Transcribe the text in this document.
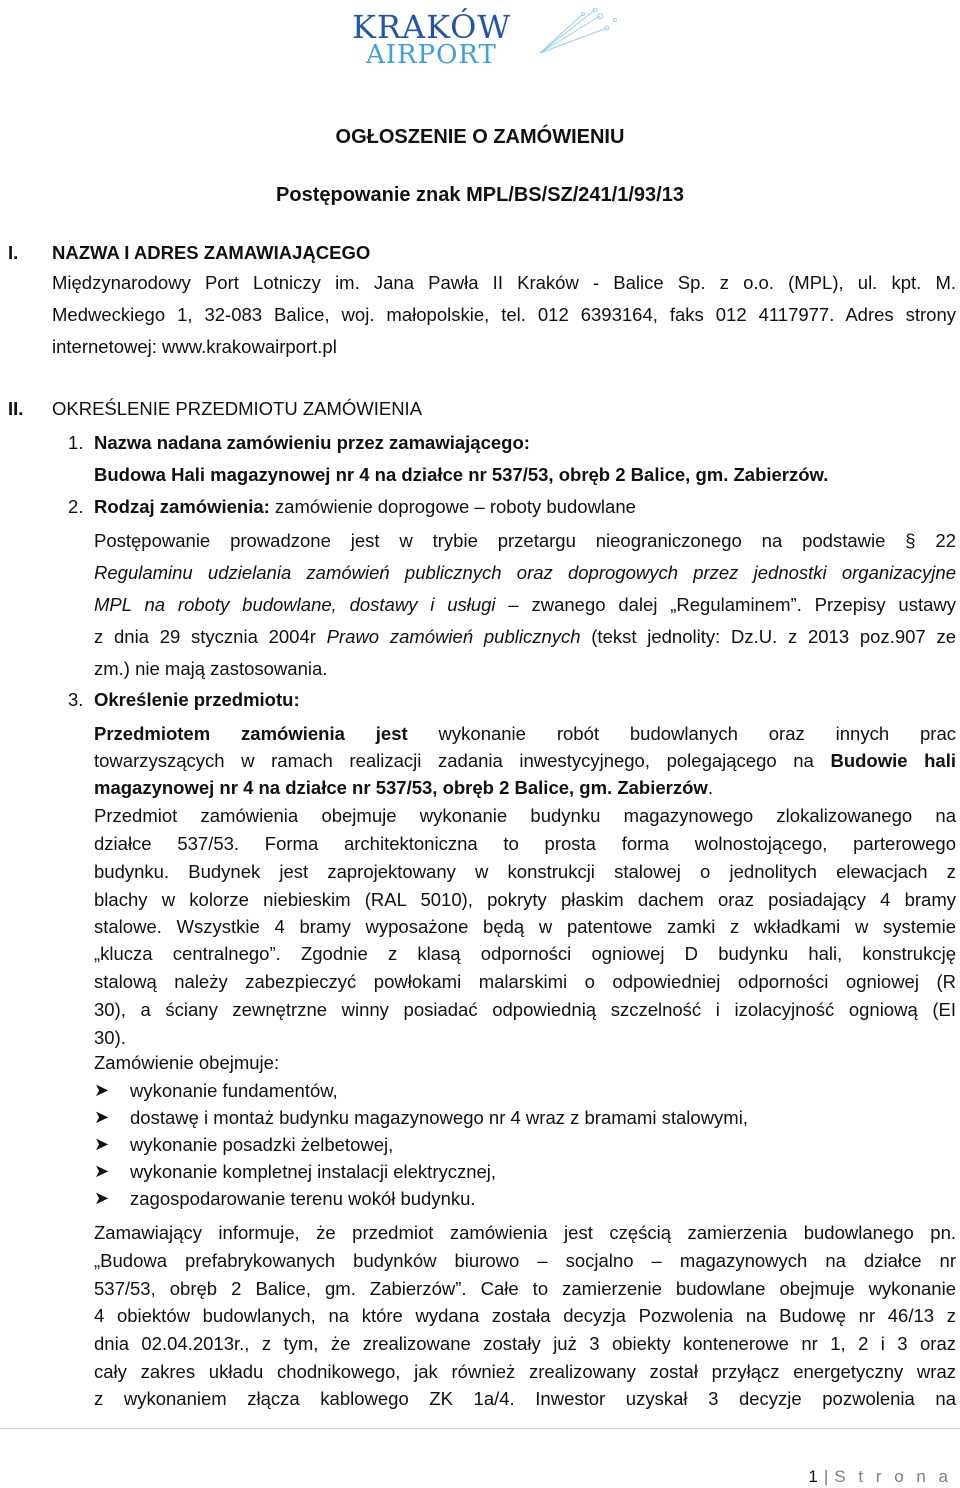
KRAKÓW
AIRPORT
OGŁOSZENIE O ZAMÓWIENIU
Postępowanie znak MPL/BS/SZ/241/1/93/13
I. NAZWA I ADRES ZAMAWIAJĄCEGO
Międzynarodowy Port Lotniczy im. Jana Pawła II Kraków - Balice Sp. z o.o. (MPL), ul. kpt. M.
Medweckiego 1, 32-083 Balice, woj. małopolskie, tel. 012 6393164, faks 012 4117977. Adres strony
internetowej: www.krakowairport.pl
II. OKREŚLENIE PRZEDMIOTU ZAMÓWIENIA
1. Nazwa nadana zamówieniu przez zamawiającego:
Budowa Hali magazynowej nr 4 na działce nr 537/53, obręb 2 Balice, gm. Zabierzów.
2. Rodzaj zamówienia: zamówienie doprogowe – roboty budowlane
Postępowanie prowadzone jest w trybie przetargu nieograniczonego na podstawie § 22
Regulaminu udzielania zamówień publicznych oraz doprogowych przez jednostki organizacyjne
MPL na roboty budowlane, dostawy i usługi – zwanego dalej „Regulaminem”. Przepisy ustawy
z dnia 29 stycznia 2004r Prawo zamówień publicznych (tekst jednolity: Dz.U. z 2013 poz.907 ze
zm.) nie mają zastosowania.
3. Określenie przedmiotu:
Przedmiotem zamówienia jest wykonanie robót budowlanych oraz innych prac
towarzyszących w ramach realizacji zadania inwestycyjnego, polegającego na Budowie hali
magazynowej nr 4 na działce nr 537/53, obręb 2 Balice, gm. Zabierzów.
Przedmiot zamówienia obejmuje wykonanie budynku magazynowego zlokalizowanego na
działce 537/53. Forma architektoniczna to prosta forma wolnostojącego, parterowego
budynku. Budynek jest zaprojektowany w konstrukcji stalowej o jednolitych elewacjach z
blachy w kolorze niebieskim (RAL 5010), pokryty płaskim dachem oraz posiadający 4 bramy
stalowe. Wszystkie 4 bramy wyposażone będą w patentowe zamki z wkładkami w systemie
„klucza centralnego”. Zgodnie z klasą odporności ogniowej D budynku hali, konstrukcję
stalową należy zabezpieczyć powłokami malarskimi o odpowiedniej odporności ogniowej (R
30), a ściany zewnętrzne winny posiadać odpowiednią szczelność i izolacyjność ogniową (EI
30).
Zamówienie obejmuje:
➤ wykonanie fundamentów,
➤ dostawę i montaż budynku magazynowego nr 4 wraz z bramami stalowymi,
➤ wykonanie posadzki żelbetowej,
➤ wykonanie kompletnej instalacji elektrycznej,
➤ zagospodarowanie terenu wokół budynku.
Zamawiający informuje, że przedmiot zamówienia jest częścią zamierzenia budowlanego pn.
„Budowa prefabrykowanych budynków biurowo – socjalno – magazynowych na działce nr
537/53, obręb 2 Balice, gm. Zabierzów”. Całe to zamierzenie budowlane obejmuje wykonanie
4 obiektów budowlanych, na które wydana została decyzja Pozwolenia na Budowę nr 46/13 z
dnia 02.04.2013r., z tym, że zrealizowane zostały już 3 obiekty kontenerowe nr 1, 2 i 3 oraz
cały zakres układu chodnikowego, jak również zrealizowany został przyłącz energetyczny wraz
z wykonaniem złącza kablowego ZK 1a/4. Inwestor uzyskał 3 decyzje pozwolenia na
1 | S t r o n a
